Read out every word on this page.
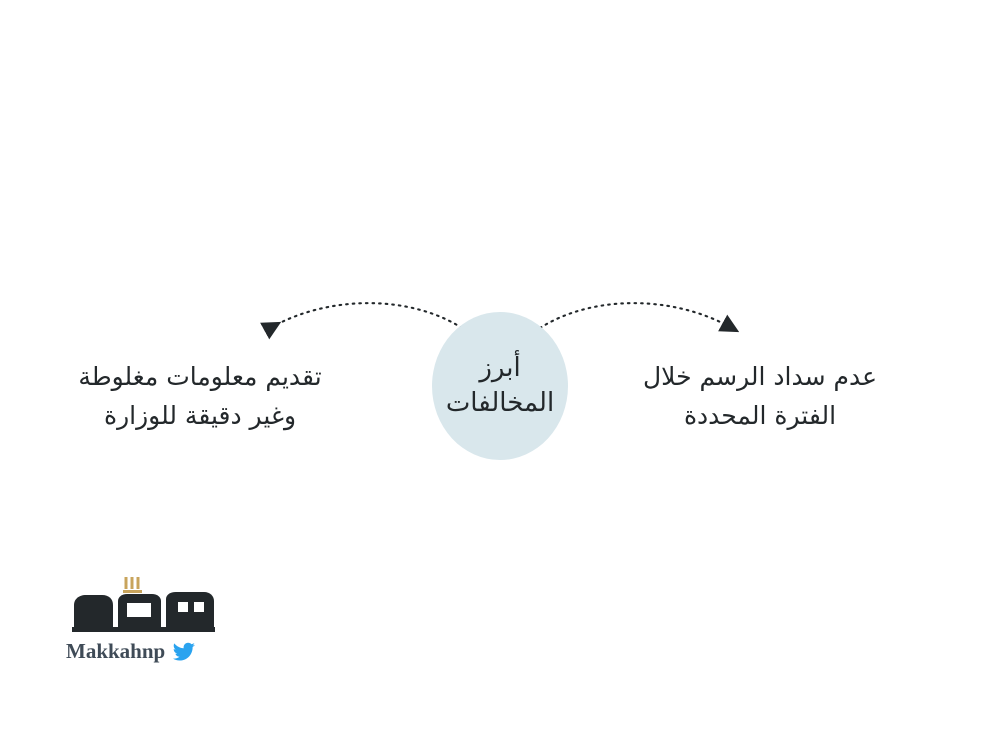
أبرز
المخالفات
عدم سداد الرسم خلال
الفترة المحددة
تقديم معلومات مغلوطة
وغير دقيقة للوزارة
Makkahnp
